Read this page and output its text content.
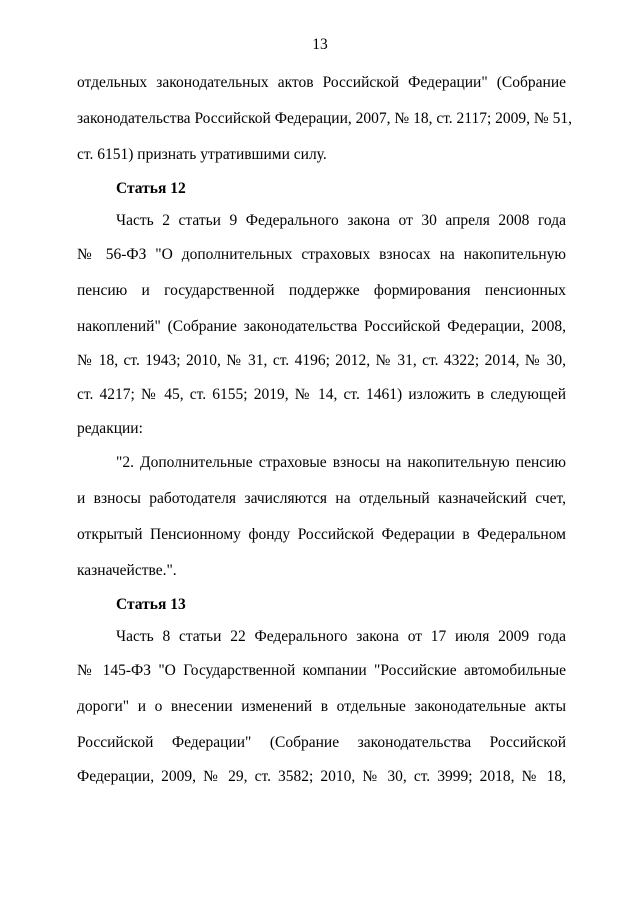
13
отдельных законодательных актов Российской Федерации" (Собрание
законодательства Российской Федерации, 2007, № 18, ст. 2117; 2009, № 51,
ст. 6151) признать утратившими силу.
Статья 12
Часть 2 статьи 9 Федерального закона от 30 апреля 2008 года
№ 56-ФЗ "О дополнительных страховых взносах на накопительную
пенсию и государственной поддержке формирования пенсионных
накоплений" (Собрание законодательства Российской Федерации, 2008,
№ 18, ст. 1943; 2010, № 31, ст. 4196; 2012, № 31, ст. 4322; 2014, № 30,
ст. 4217; № 45, ст. 6155; 2019, № 14, ст. 1461) изложить в следующей
редакции:
"2. Дополнительные страховые взносы на накопительную пенсию
и взносы работодателя зачисляются на отдельный казначейский счет,
открытый Пенсионному фонду Российской Федерации в Федеральном
казначействе.".
Статья 13
Часть 8 статьи 22 Федерального закона от 17 июля 2009 года
№ 145-ФЗ "О Государственной компании "Российские автомобильные
дороги" и о внесении изменений в отдельные законодательные акты
Российской Федерации" (Собрание законодательства Российской
Федерации, 2009, № 29, ст. 3582; 2010, № 30, ст. 3999; 2018, № 18,
